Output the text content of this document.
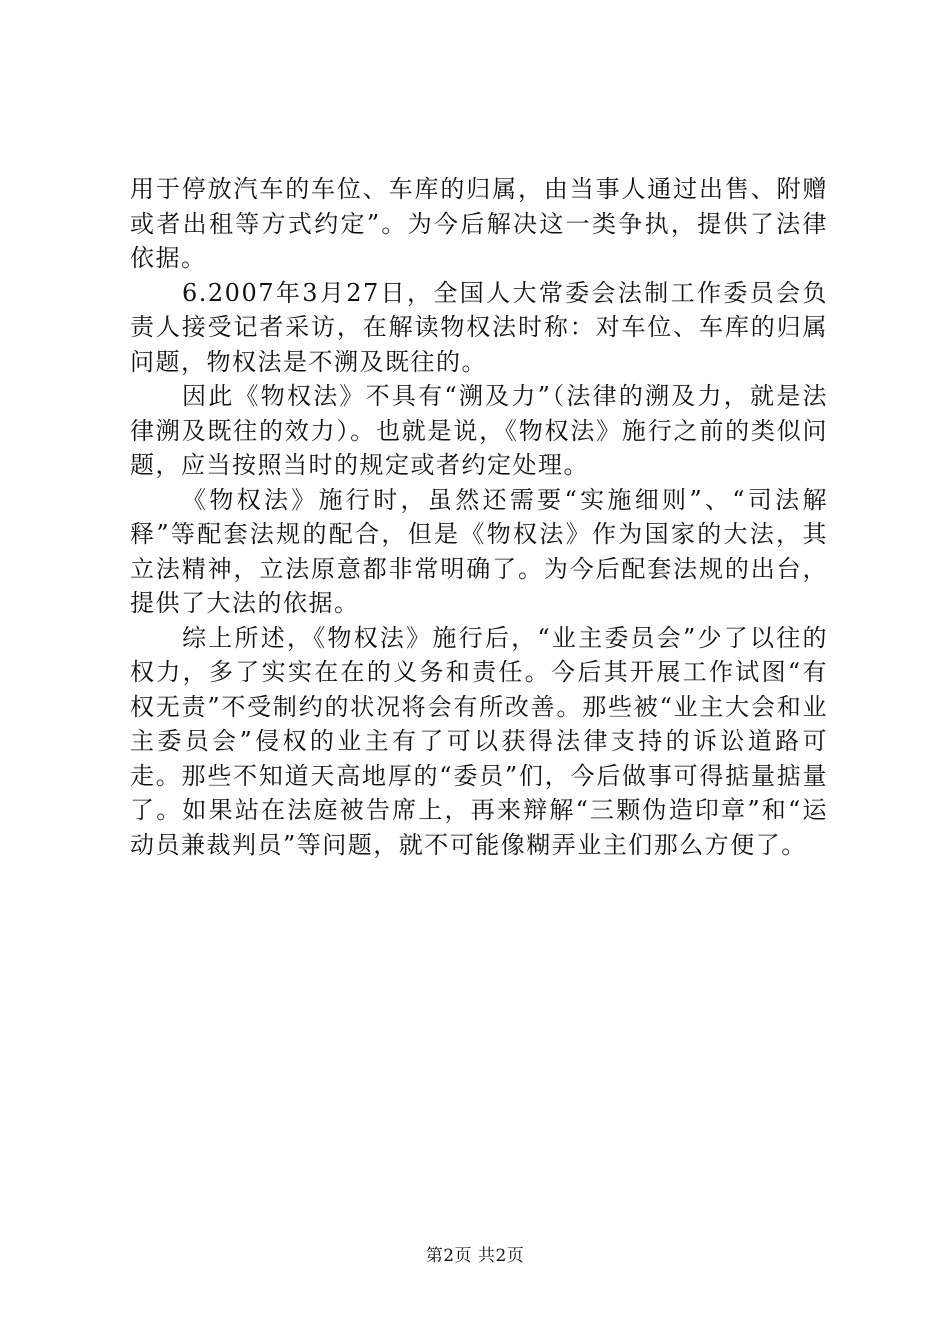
用于停放汽车的车位、车库的归属，由当事人通过出售、附赠或者出租等方式约定”。为今后解决这一类争执，提供了法律依据。

6.2007年3月27日，全国人大常委会法制工作委员会负责人接受记者采访，在解读物权法时称：对车位、车库的归属问题，物权法是不溯及既往的。

因此《物权法》不具有“溯及力”（法律的溯及力，就是法律溯及既往的效力）。也就是说，《物权法》施行之前的类似问题，应当按照当时的规定或者约定处理。

《物权法》施行时，虽然还需要“实施细则”、“司法解释”等配套法规的配合，但是《物权法》作为国家的大法，其立法精神，立法原意都非常明确了。为今后配套法规的出台，提供了大法的依据。

综上所述，《物权法》施行后，“业主委员会”少了以往的权力，多了实实在在的义务和责任。今后其开展工作试图“有权无责”不受制约的状况将会有所改善。那些被“业主大会和业主委员会”侵权的业主有了可以获得法律支持的诉讼道路可走。那些不知道天高地厚的“委员”们，今后做事可得掂量掂量了。如果站在法庭被告席上，再来辩解“三颗伪造印章”和“运动员兼裁判员”等问题，就不可能像糊弄业主们那么方便了。

第2页 共2页
